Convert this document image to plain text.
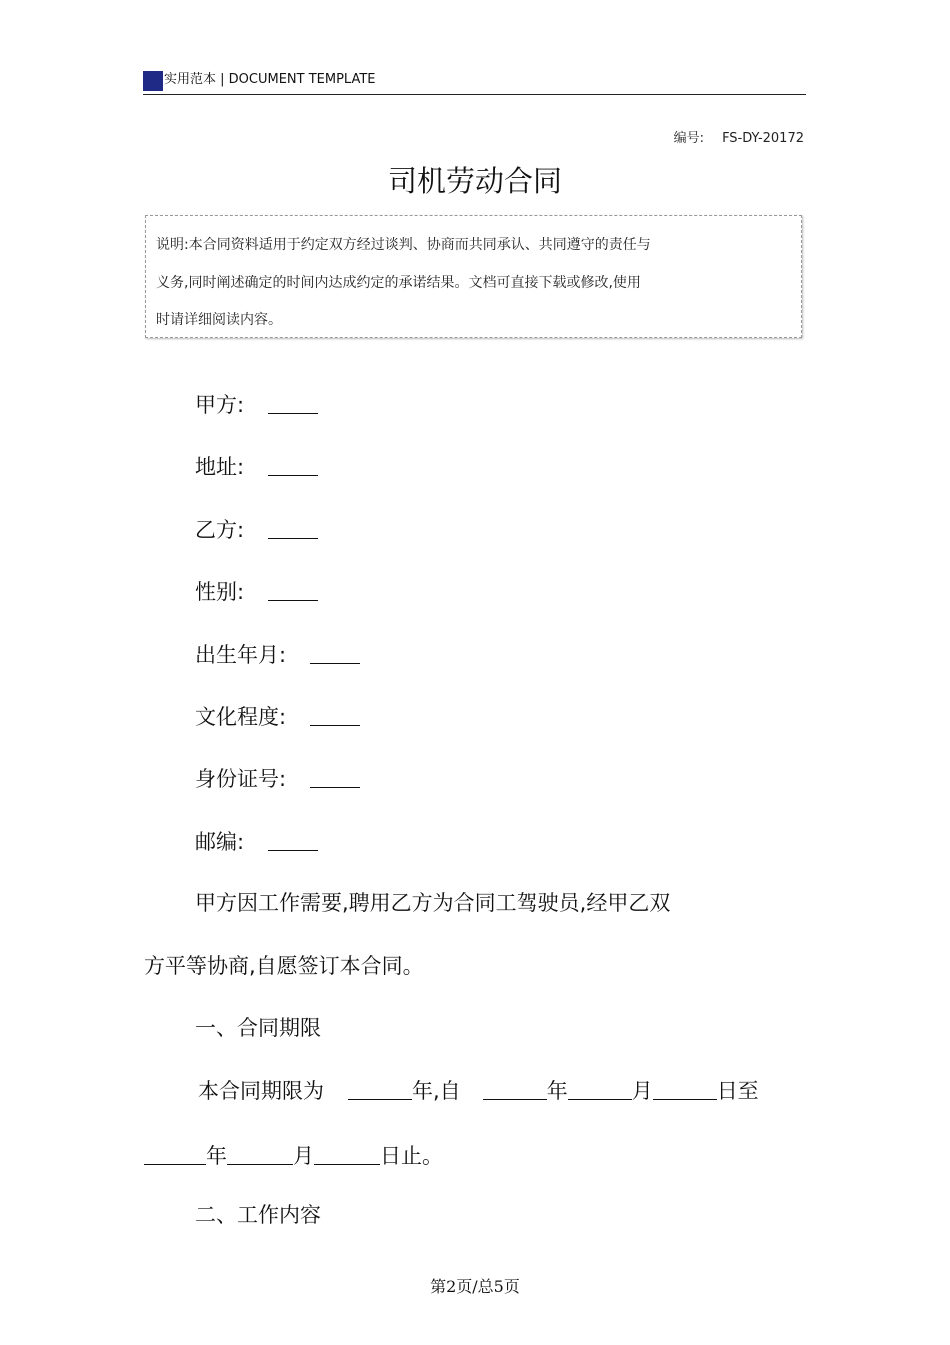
实用范本 | DOCUMENT TEMPLATE
编号: FS-DY-20172
司机劳动合同
说明:本合同资料适用于约定双方经过谈判、协商而共同承认、共同遵守的责任与
义务,同时阐述确定的时间内达成约定的承诺结果。文档可直接下载或修改,使用
时请详细阅读内容。
甲方:
地址:
乙方:
性别:
出生年月:
文化程度:
身份证号:
邮编:
甲方因工作需要,聘用乙方为合同工驾驶员,经甲乙双
方平等协商,自愿签订本合同。
一、合同期限
本合同期限为	年,自	年	月	日至
年	月	日止。
二、工作内容
第2页/总5页
